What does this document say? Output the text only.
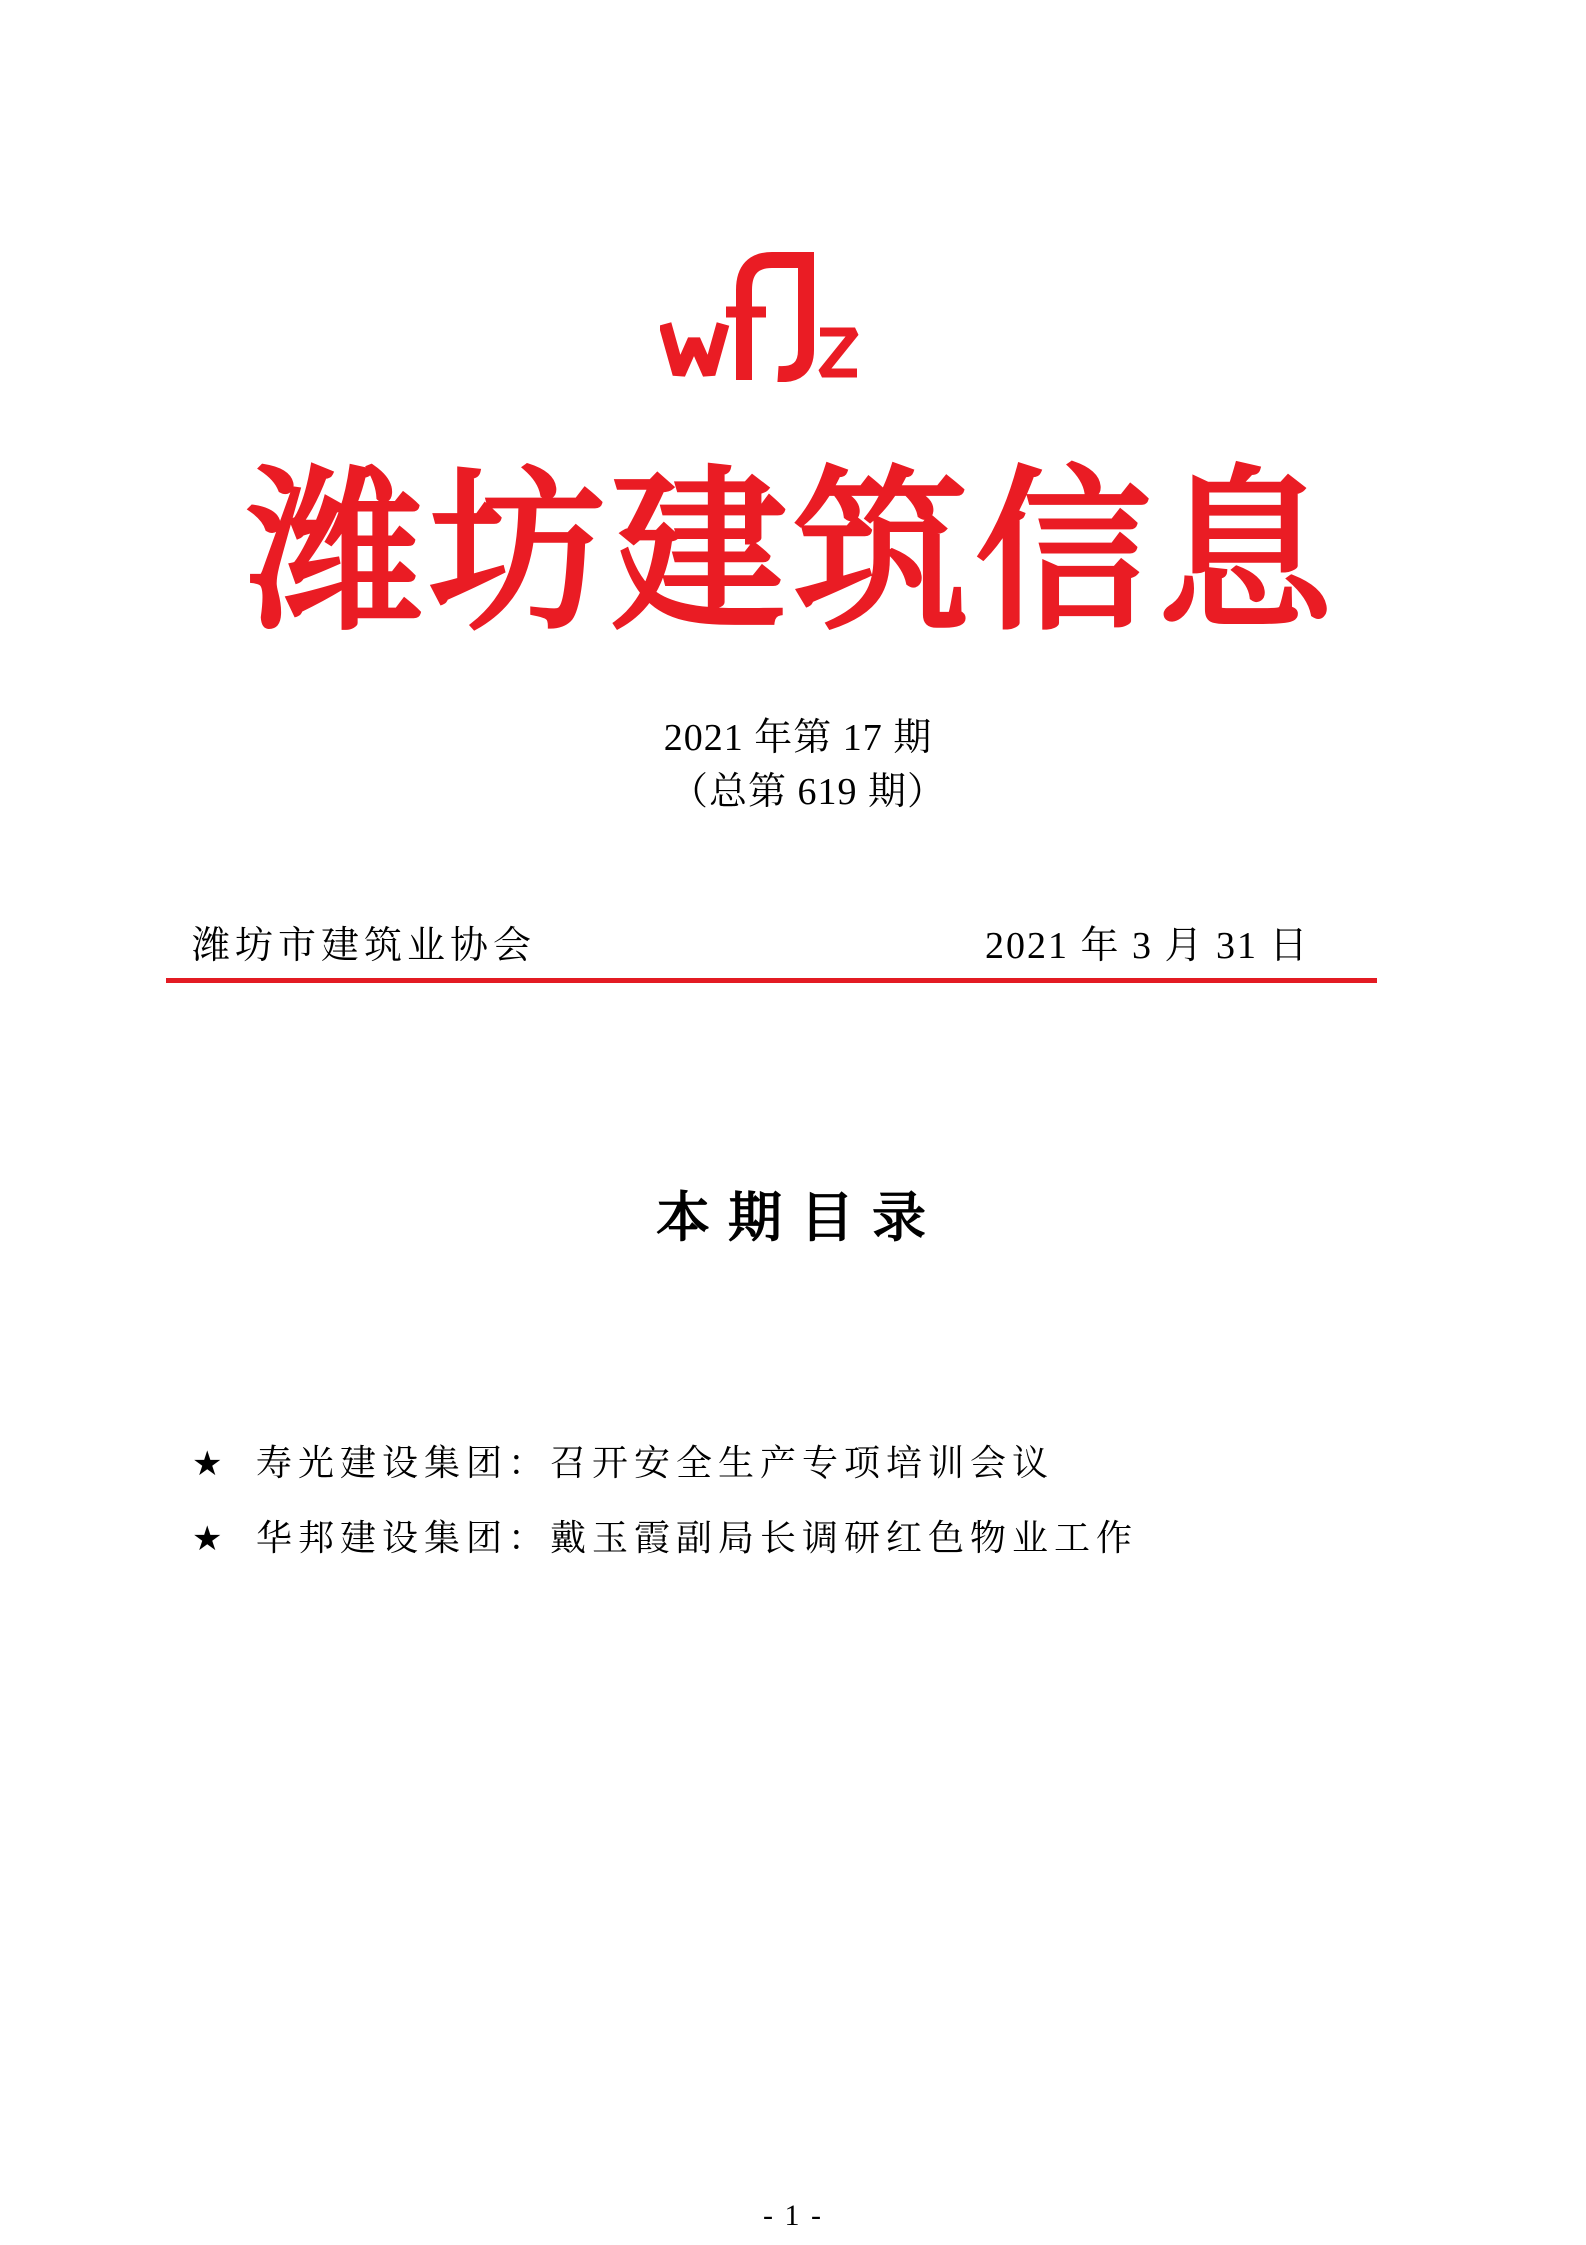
潍坊建筑信息
2021 年第 17 期
（总第 619 期）
潍坊市建筑业协会	2021 年 3 月 31 日
本期目录
★ 寿光建设集团：召开安全生产专项培训会议
★ 华邦建设集团：戴玉霞副局长调研红色物业工作
- 1 -
